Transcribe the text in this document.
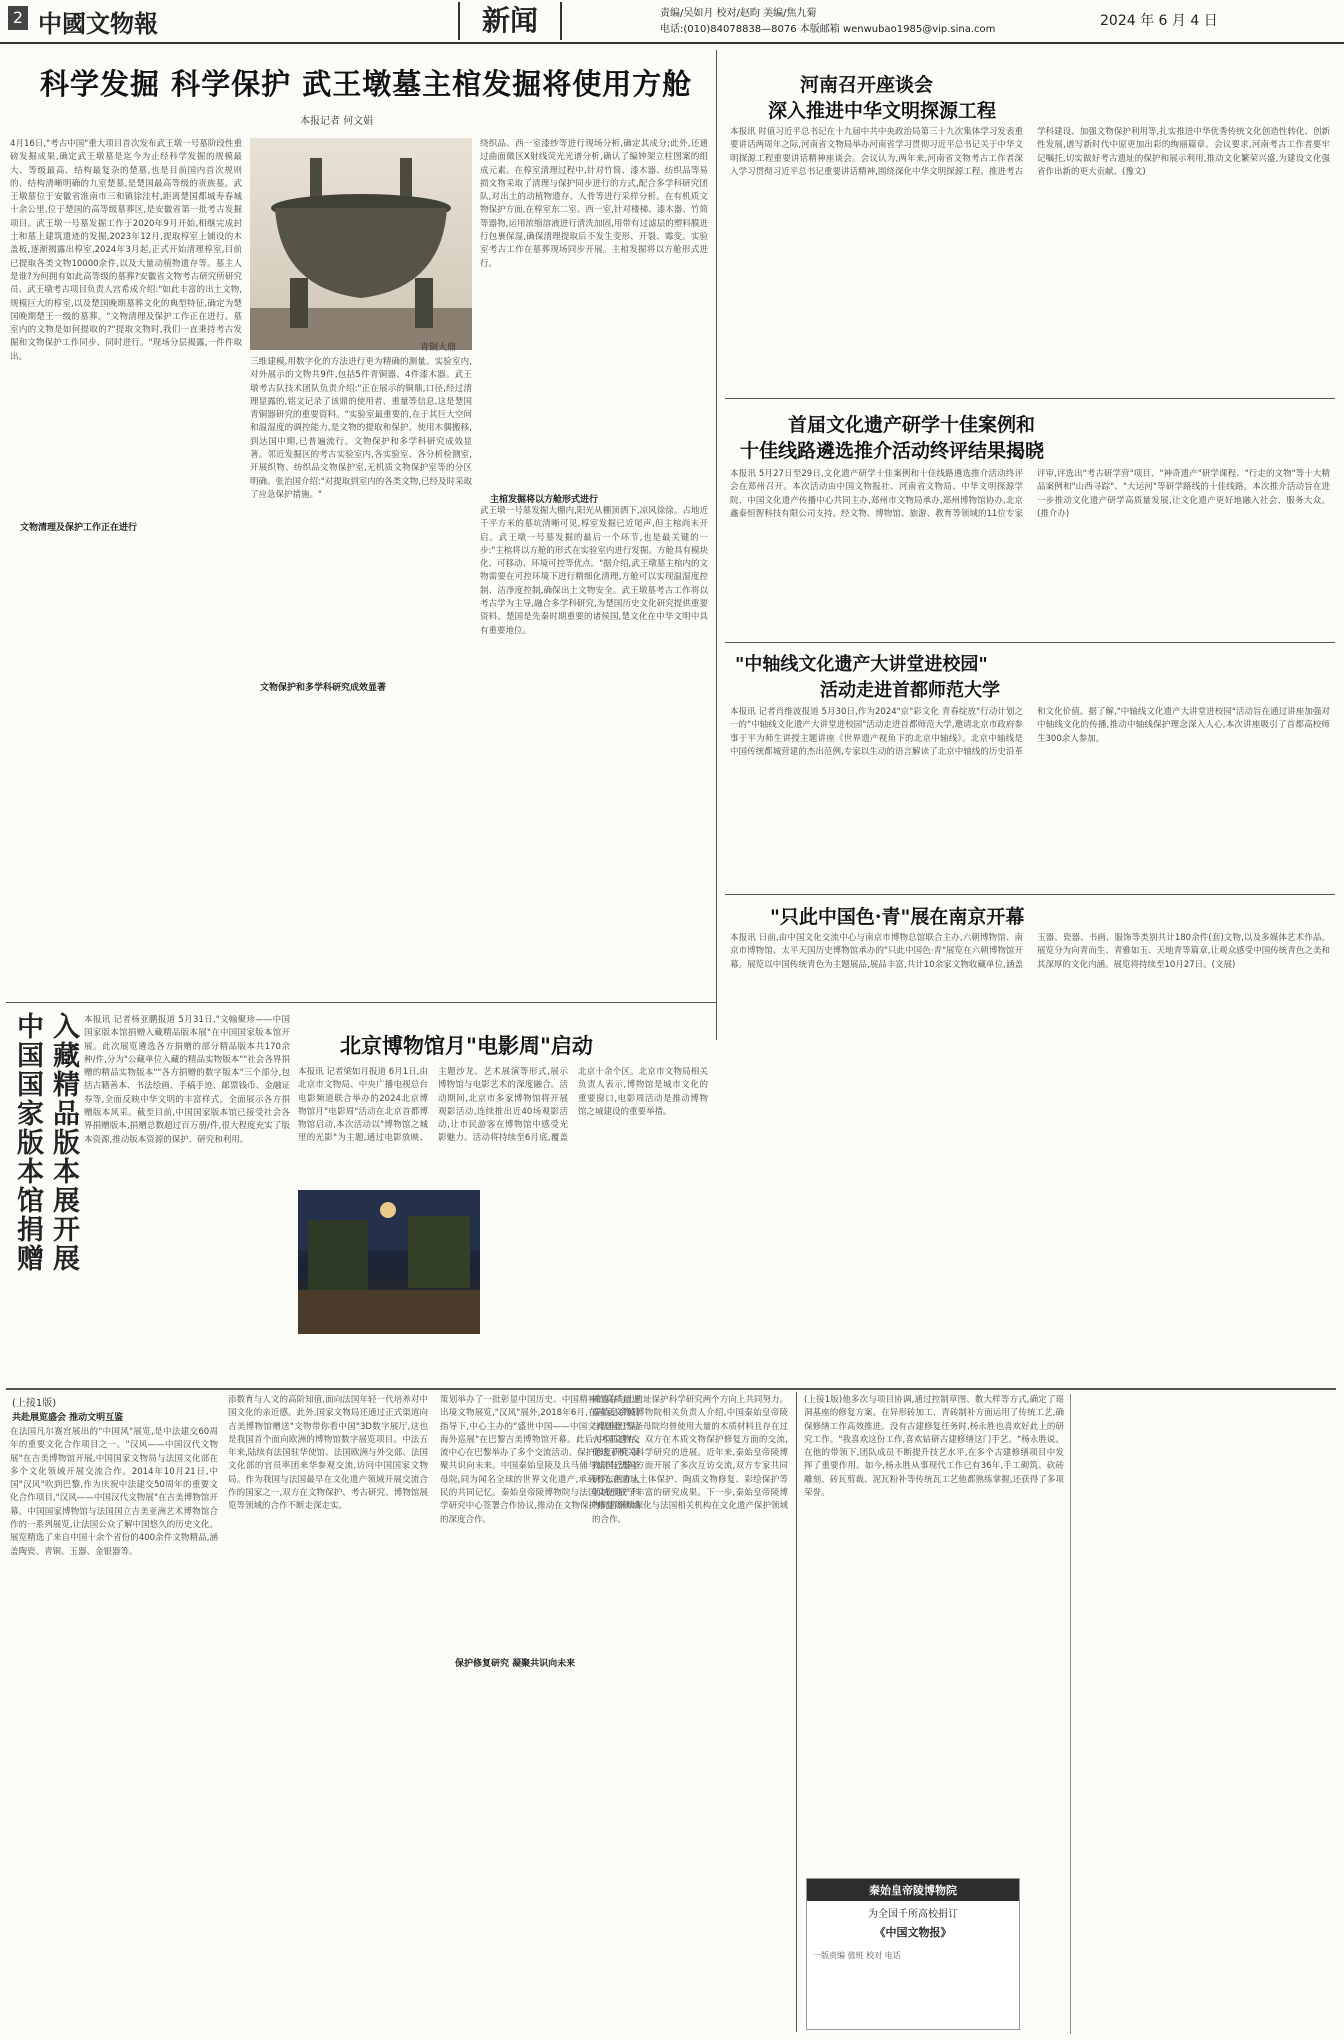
2 中國文物報	新闻	责编/吴如月 校对/赵昀 美编/焦九菊
电话:(010)84078838—8076 本版邮箱 wenwubao1985@vip.sina.com
2024 年 6 月 4 日
科学发掘 科学保护 武王墩墓主棺发掘将使用方舱
本报记者 何文娟
4月16日,"考古中国"重大项目首次发布武王墩一号墓阶段性重磅发掘成果,确定武王墩墓是迄今为止经科学发掘的规模最大、等级最高、结构最复杂的楚墓,也是目前国内首次规则的、结构清晰明确的九室楚墓,是楚国最高等级的贵族墓。武王墩墓位于安徽省淮南市三和镇徐洼村,距离楚国都城寿春城十余公里,位于楚国的高等级墓葬区,是安徽省第一批考古发掘项目。武王墩一号墓发掘工作于2020年9月开始,相继完成封土和墓上建筑遗迹的发掘,2023年12月,提取椁室上铺设的木盖板,逐渐揭露出椁室,2024年3月起,正式开始清理椁室,目前已提取各类文物10000余件,以及大量动植物遗存等。墓主人是谁?为何拥有如此高等级的墓葬?安徽省文物考古研究所研究员、武王墩考古项目负责人宫希成介绍:"如此丰富的出土文物,规模巨大的椁室,以及楚国晚期墓葬文化的典型特征,确定为楚国晚期楚王一级的墓葬。"文物清理及保护工作正在进行。墓室内的文物是如何提取的?"提取文物时,我们一直秉持考古发掘和文物保护工作同步、同时进行。"现场分层揭露,一件件取出。
青铜大鼎
三维建模,用数字化的方法进行更为精确的测量。实验室内,对外展示的文物共9件,包括5件青铜器、4件漆木器。武王墩考古队技术团队负责介绍:"正在展示的铜鼎,口径,经过清理显露的,铭文记录了该鼎的使用者、重量等信息,这是楚国青铜器研究的重要资料。"实验室最重要的,在于其巨大空间和温湿度的调控能力,是文物的提取和保护。使用木偶搬移,到达国中期,已普遍流行。文物保护和多学科研究成效显著。邻近发掘区的考古实验室内,各实验室、各分析检测室,开展织物、纺织品文物保护室,无机质文物保护室等的分区明确。张治国介绍:"对提取到室内的各类文物,已经及时采取了应急保护措施。"
绕织品、西一室漆纱等进行现场分析,确定其成分;此外,还通过曲面微区X射线荧光光谱分析,确认了编钟架立柱图案的组成元素。在椁室清理过程中,针对竹简、漆木器、纺织品等易损文物采取了清理与保护同步进行的方式,配合多学科研究团队,对出土的动植物遗存、人骨等进行采样分析。在有机质文物保护方面,在椁室东二室、西一室,针对楼梯、漆木器、竹简等器物,运用浓缩溶液进行清洗加固,用带有过滤层的塑料膜进行包裹保湿,确保清理提取后不发生变形、开裂、霉变。实验室考古工作在墓葬现场同步开展。主棺发掘将以方舱形式进行。
文物保护和多学科研究成效显著
文物清理及保护工作正在进行
主棺发掘将以方舱形式进行
武王墩一号墓发掘大棚内,阳光从棚顶洒下,凉风徐徐。占地近千平方米的墓坑清晰可见,椁室发掘已近尾声,但主棺尚未开启。武王墩一号墓发掘的最后一个环节,也是最关键的一步:"主棺将以方舱的形式在实验室内进行发掘。方舱具有模块化、可移动、环境可控等优点。"据介绍,武王墩墓主棺内的文物需要在可控环境下进行精细化清理,方舱可以实现温湿度控制、洁净度控制,确保出土文物安全。武王墩墓考古工作将以考古学为主导,融合多学科研究,为楚国历史文化研究提供重要资料。楚国是先秦时期重要的诸侯国,楚文化在中华文明中具有重要地位。
河南召开座谈会
深入推进中华文明探源工程
本报讯 时值习近平总书记在十九届中共中央政治局第三十九次集体学习发表重要讲话两周年之际,河南省文物局举办河南省学习贯彻习近平总书记关于中华文明探源工程重要讲话精神座谈会。会议认为,两年来,河南省文物考古工作者深入学习贯彻习近平总书记重要讲话精神,围绕深化中华文明探源工程、推进考古学科建设、加强文物保护利用等,扎实推进中华优秀传统文化创造性转化、创新性发展,谱写新时代中原更加出彩的绚丽篇章。会议要求,河南考古工作者要牢记嘱托,切实做好考古遗址的保护和展示利用,推动文化繁荣兴盛,为建设文化强省作出新的更大贡献。(豫文)
首届文化遗产研学十佳案例和
十佳线路遴选推介活动终评结果揭晓
本报讯 5月27日至29日,文化遗产研学十佳案例和十佳线路遴选推介活动终评会在郑州召开。本次活动由中国文物报社、河南省文物局、中华文明探源学院、中国文化遗产传播中心共同主办,郑州市文物局承办,郑州博物馆协办,北京鑫泰恒智科技有限公司支持。经文物、博物馆、旅游、教育等领域的11位专家评审,评选出"考古研学营"项目、"神奇遗产"研学课程、"行走的文物"等十大精品案例和"山西寻踪"、"大运河"等研学路线的十佳线路。本次推介活动旨在进一步推动文化遗产研学高质量发展,让文化遗产更好地融入社会、服务大众。(推介办)
"中轴线文化遗产大讲堂进校园"
活动走进首都师范大学
本报讯 记者肖维波报道 5月30日,作为2024"京"彩文化 青春绽放"行动计划之一的"中轴线文化遗产大讲堂进校园"活动走进首都师范大学,邀请北京市政府参事于平为师生讲授主题讲座《世界遗产视角下的北京中轴线》。北京中轴线是中国传统都城营建的杰出范例,专家以生动的语言解读了北京中轴线的历史沿革和文化价值。据了解,"中轴线文化遗产大讲堂进校园"活动旨在通过讲座加强对中轴线文化的传播,推动中轴线保护理念深入人心,本次讲座吸引了首都高校师生300余人参加。
"只此中国色·青"展在南京开幕
本报讯 日前,由中国文化交流中心与南京市博物总馆联合主办,六朝博物馆、南京市博物馆、太平天国历史博物馆承办的"只此中国色·青"展览在六朝博物馆开幕。展览以中国传统青色为主题展品,展品丰富,共计10余家文物收藏单位,涵盖玉器、瓷器、书画、服饰等类别共计180余件(套)文物,以及多媒体艺术作品。展览分为向青而生、青雅如玉、天地青等篇章,让观众感受中国传统青色之美和其深厚的文化内涵。展览将持续至10月27日。(文展)
中国国家版本馆捐赠 入藏精品版本展开展 本报讯 记者杨亚鹏报道 5月31日,"文翰聚珍——中国国家版本馆捐赠入藏精品版本展"在中国国家版本馆开展。此次展览遴选各方捐赠的部分精品版本共170余种/件,分为"公藏单位入藏的精品实物版本""社会各界捐赠的精品实物版本""各方捐赠的数字版本"三个部分,包括古籍善本、书法绘画、手稿手迹、邮票钱币、金融证券等,全面反映中华文明的丰富样式。全面展示各方捐赠版本风采。截至目前,中国国家版本馆已接受社会各界捐赠版本,捐赠总数超过百万册/件,很大程度充实了版本资源,推动版本资源的保护、研究和利用。
北京博物馆月"电影周"启动
本报讯 记者梁如月报道 6月1日,由北京市文物局、中央广播电视总台电影频道联合举办的2024北京博物馆月"电影周"活动在北京首都博物馆启动,本次活动以"博物馆之城里的光影"为主题,通过电影放映、主题沙龙、艺术展演等形式,展示博物馆与电影艺术的深度融合。活动期间,北京市多家博物馆将开展观影活动,连续推出近40场观影活动,让市民游客在博物馆中感受光影魅力。活动将持续至6月底,覆盖北京十余个区。北京市文物局相关负责人表示,博物馆是城市文化的重要窗口,电影周活动是推动博物馆之城建设的重要举措。
(上接1版)
共赴展览盛会 推动文明互鉴
在法国凡尔赛宫展出的"中国风"展览,是中法建交60周年的重要文化合作项目之一。"汉风——中国汉代文物展"在吉美博物馆开展,中国国家文物局与法国文化部在多个文化领域开展交流合作。2014年10月21日,中国"汉风"吹到巴黎,作为庆祝中法建交50周年的重要文化合作项目,"汉风——中国汉代文物展"在吉美博物馆开幕。中国国家博物馆与法国国立吉美亚洲艺术博物馆合作的一系列展览,让法国公众了解中国悠久的历史文化。展览精选了来自中国十余个省份的400余件文物精品,涵盖陶瓷、青铜、玉器、金银器等。
添数育与人文的高阶知值,面向法国年轻一代培养对中国文化的亲近感。此外,国家文物局还通过正式渠道向吉美博物馆赠送"文物带你看中国"3D数字展厅,这也是我国首个面向欧洲的博物馆数字展览项目。中法五年来,陆续有法国驻华使馆、法国欧洲与外交部、法国文化部的官员率团来华参观交流,访问中国国家文物局。作为我国与法国最早在文化遗产领域开展交流合作的国家之一,双方在文物保护、考古研究、博物馆展览等领域的合作不断走深走实。
策划举办了一批彰显中国历史、中国精神的高质量进出境文物展览,"汉风"展外,2018年6月,在国家文物局指导下,中心主办的"盛世中国——中国文博创意产品海外巡展"在巴黎吉美博物馆开幕。此后,中国文物交流中心在巴黎举办了多个交流活动。保护修复研究 凝聚共识向未来。中国秦始皇陵及兵马俑与法国巴黎圣母院,同为闻名全球的世界文化遗产,承载着东西方人民的共同记忆。秦始皇帝陵博物院与法国文化遗产科学研究中心签署合作协议,推动在文物保护修复等领域的深度合作。
保护修复研究 凝聚共识向未来
质遗存与土遗址保护科学研究两个方向上共同努力。秦始皇帝陵博物院相关负责人介绍,中国秦始皇帝陵与法国巴黎圣母院均曾使用大量的木质材料且存在过火木质遗存。双方在木质文物保护修复方面的交流,促进了相关科学研究的进展。近年来,秦始皇帝陵博物院与法国方面开展了多次互访交流,双方专家共同研究,在遗址土体保护、陶质文物修复、彩绘保护等领域形成了丰富的研究成果。下一步,秦始皇帝陵博物院将继续深化与法国相关机构在文化遗产保护领域的合作。
(上接1版)他多次与项目协调,通过控制草图、数大样等方式,确定了瑶洞基座的修复方案。在异形砖加工、青砖制补方面运用了传统工艺,确保修缮工作高效推进。没有古建修复任务时,杨永胜也喜欢好此上的研究工作。"我喜欢这份工作,喜欢钻研古建修缮这门手艺。"杨永胜说。在他的带领下,团队成员不断提升技艺水平,在多个古建修缮项目中发挥了重要作用。如今,杨永胜从事现代工作已有36年,手工砌筑、砍砖雕刻、砖瓦剪裁、泥瓦粉补等传统瓦工艺他都熟练掌握,还获得了多项荣誉。
秦始皇帝陵博物院
为全国千所高校捐订
《中国文物报》
一版责编 值班 校对 电话
